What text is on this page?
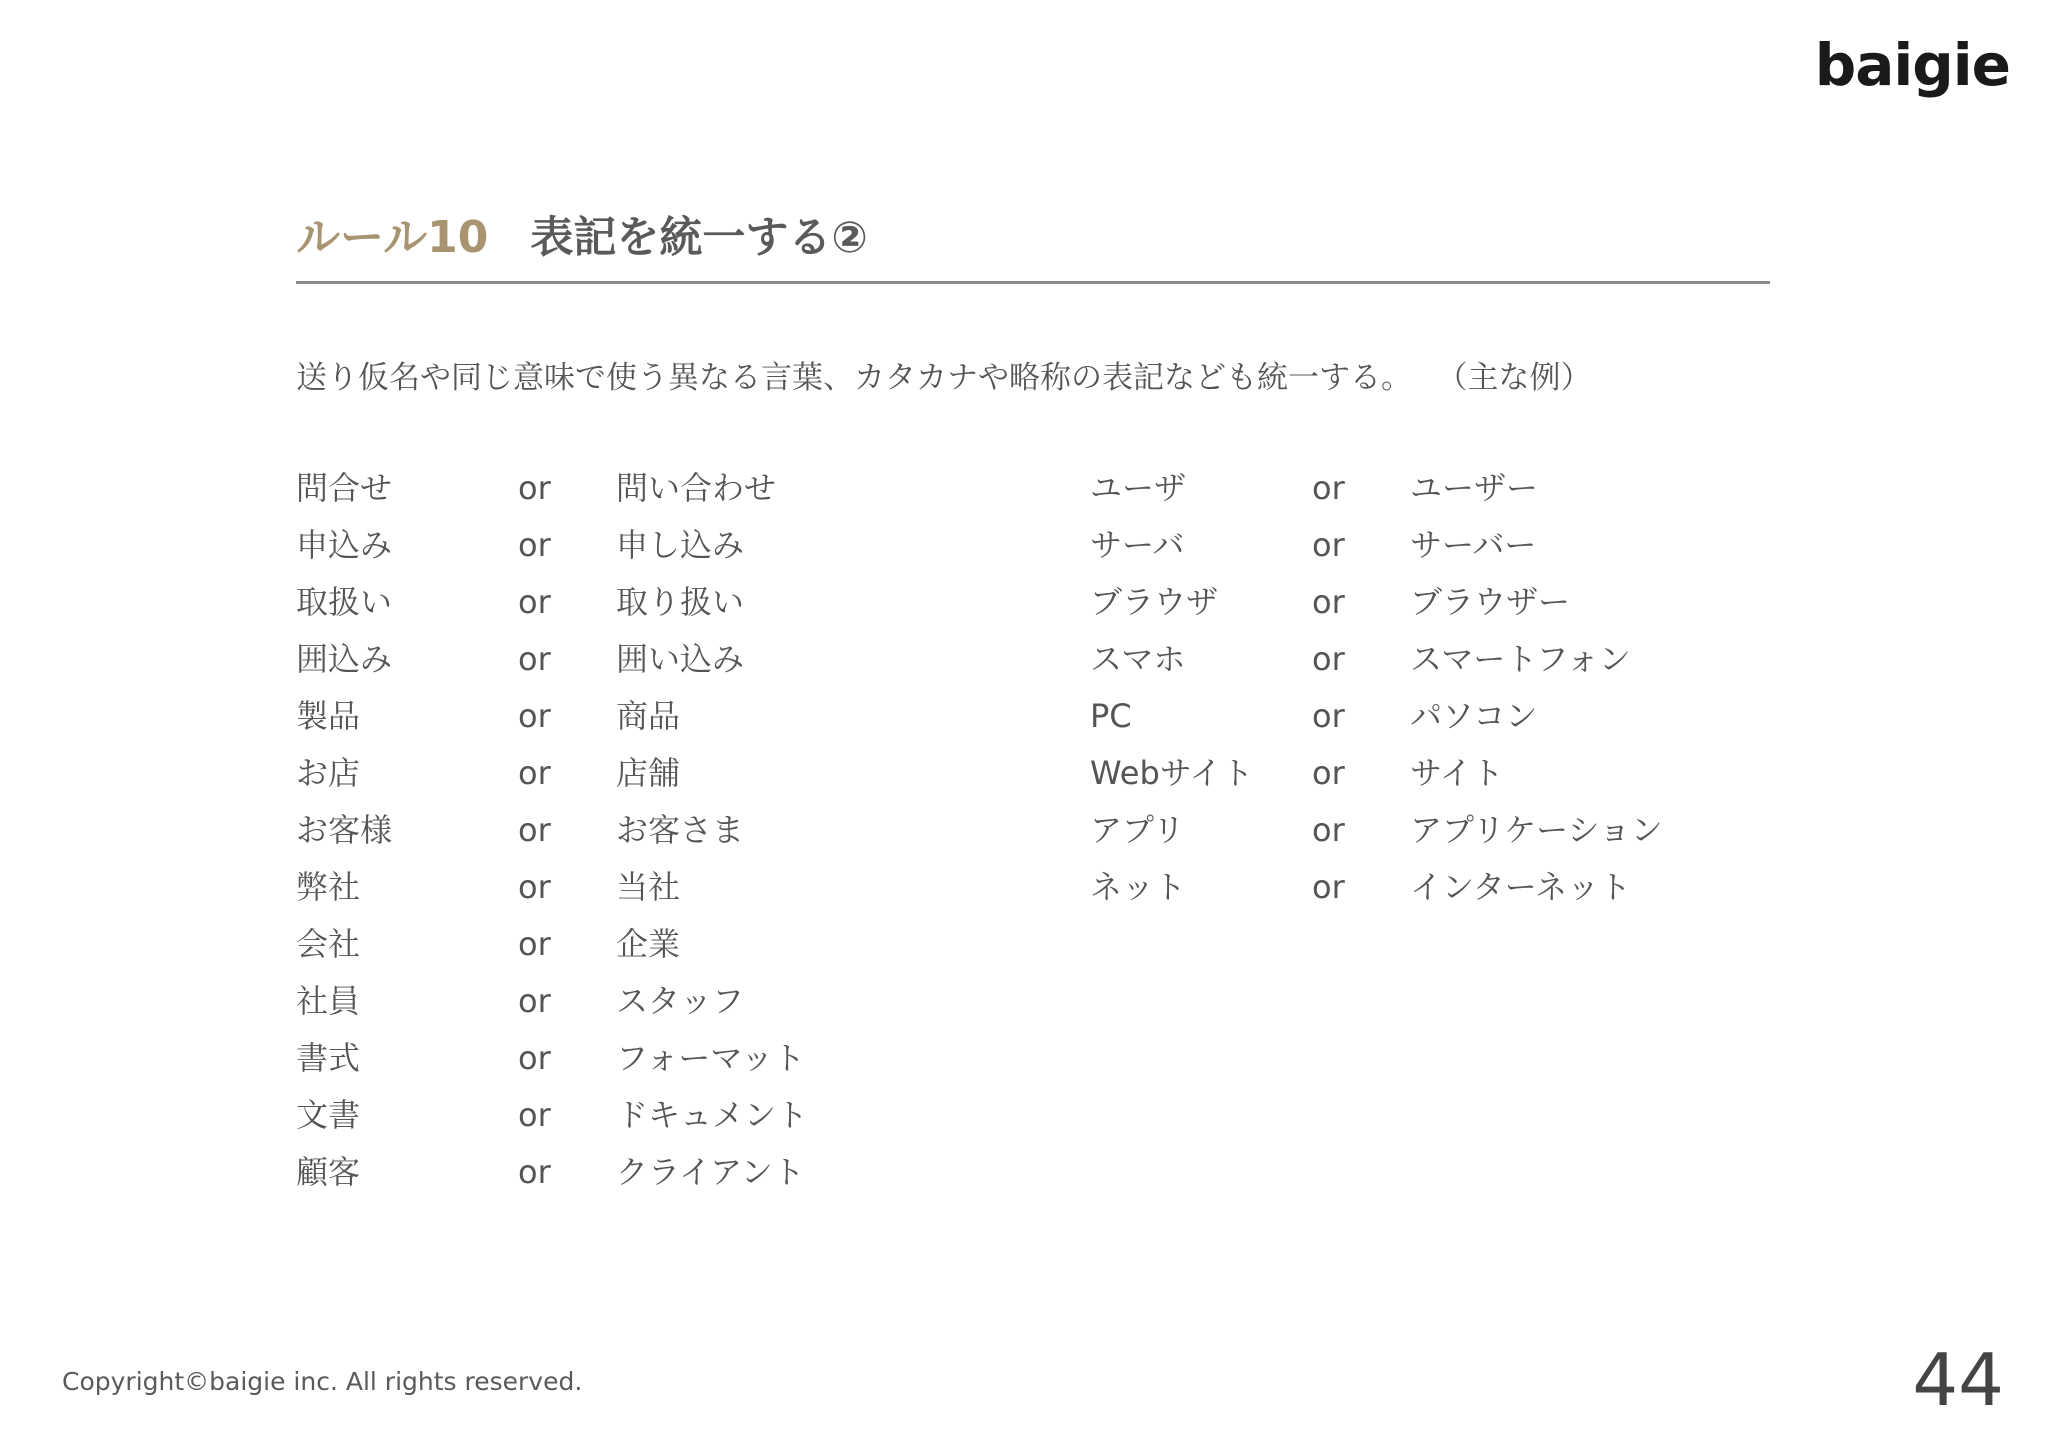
baigie
ルール10 表記を統一する②
送り仮名や同じ意味で使う異なる言葉、カタカナや略称の表記なども統一する。 （主な例）
問合せ	or 問い合わせ
申込み	or 申し込み
取扱い	or 取り扱い
囲込み	or 囲い込み
製品	or 商品
お店	or 店舗
お客様	or お客さま
弊社	or 当社
会社	or 企業
社員	or スタッフ
書式	or フォーマット
文書	or ドキュメント
顧客	or クライアント
ユーザ	or ユーザー
サーバ	or サーバー
ブラウザ	or ブラウザー
スマホ	or スマートフォン
PC	or パソコン
Webサイト or サイト
アプリ	or アプリケーション
ネット	or インターネット
Copyright©baigie inc. All rights reserved.	44
